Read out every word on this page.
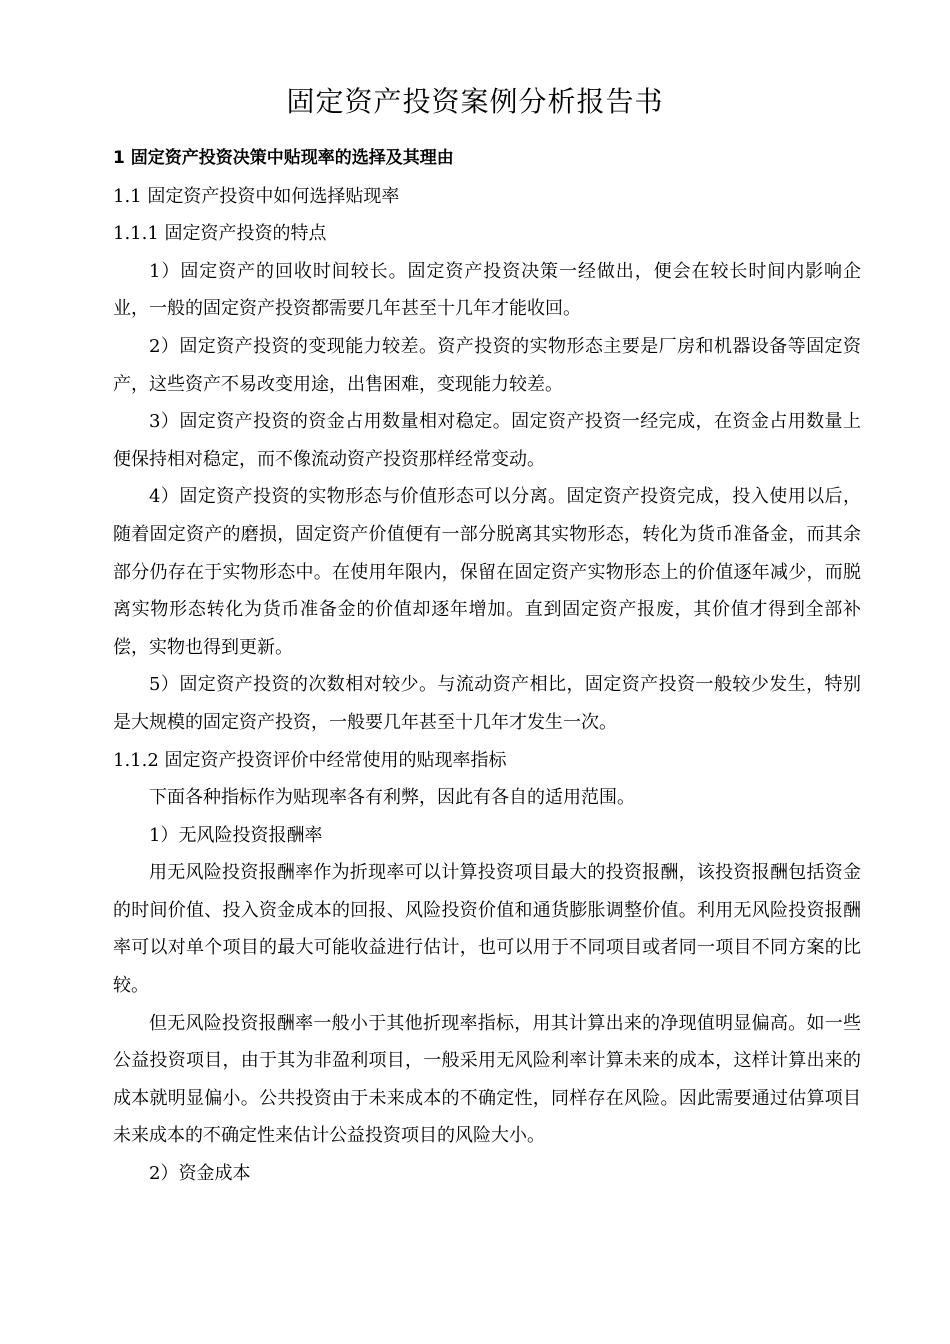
固定资产投资案例分析报告书

1 固定资产投资决策中贴现率的选择及其理由

1.1 固定资产投资中如何选择贴现率

1.1.1 固定资产投资的特点

1）固定资产的回收时间较长。固定资产投资决策一经做出，便会在较长时间内影响企业，一般的固定资产投资都需要几年甚至十几年才能收回。

2）固定资产投资的变现能力较差。资产投资的实物形态主要是厂房和机器设备等固定资产，这些资产不易改变用途，出售困难，变现能力较差。

3）固定资产投资的资金占用数量相对稳定。固定资产投资一经完成，在资金占用数量上便保持相对稳定，而不像流动资产投资那样经常变动。

4）固定资产投资的实物形态与价值形态可以分离。固定资产投资完成，投入使用以后，随着固定资产的磨损，固定资产价值便有一部分脱离其实物形态，转化为货币准备金，而其余部分仍存在于实物形态中。在使用年限内，保留在固定资产实物形态上的价值逐年减少，而脱离实物形态转化为货币准备金的价值却逐年增加。直到固定资产报废，其价值才得到全部补偿，实物也得到更新。

5）固定资产投资的次数相对较少。与流动资产相比，固定资产投资一般较少发生，特别是大规模的固定资产投资，一般要几年甚至十几年才发生一次。

1.1.2 固定资产投资评价中经常使用的贴现率指标

下面各种指标作为贴现率各有利弊，因此有各自的适用范围。

1）无风险投资报酬率

用无风险投资报酬率作为折现率可以计算投资项目最大的投资报酬，该投资报酬包括资金的时间价值、投入资金成本的回报、风险投资价值和通货膨胀调整价值。利用无风险投资报酬率可以对单个项目的最大可能收益进行估计，也可以用于不同项目或者同一项目不同方案的比较。

但无风险投资报酬率一般小于其他折现率指标，用其计算出来的净现值明显偏高。如一些公益投资项目，由于其为非盈利项目，一般采用无风险利率计算未来的成本，这样计算出来的成本就明显偏小。公共投资由于未来成本的不确定性，同样存在风险。因此需要通过估算项目未来成本的不确定性来估计公益投资项目的风险大小。

2）资金成本
